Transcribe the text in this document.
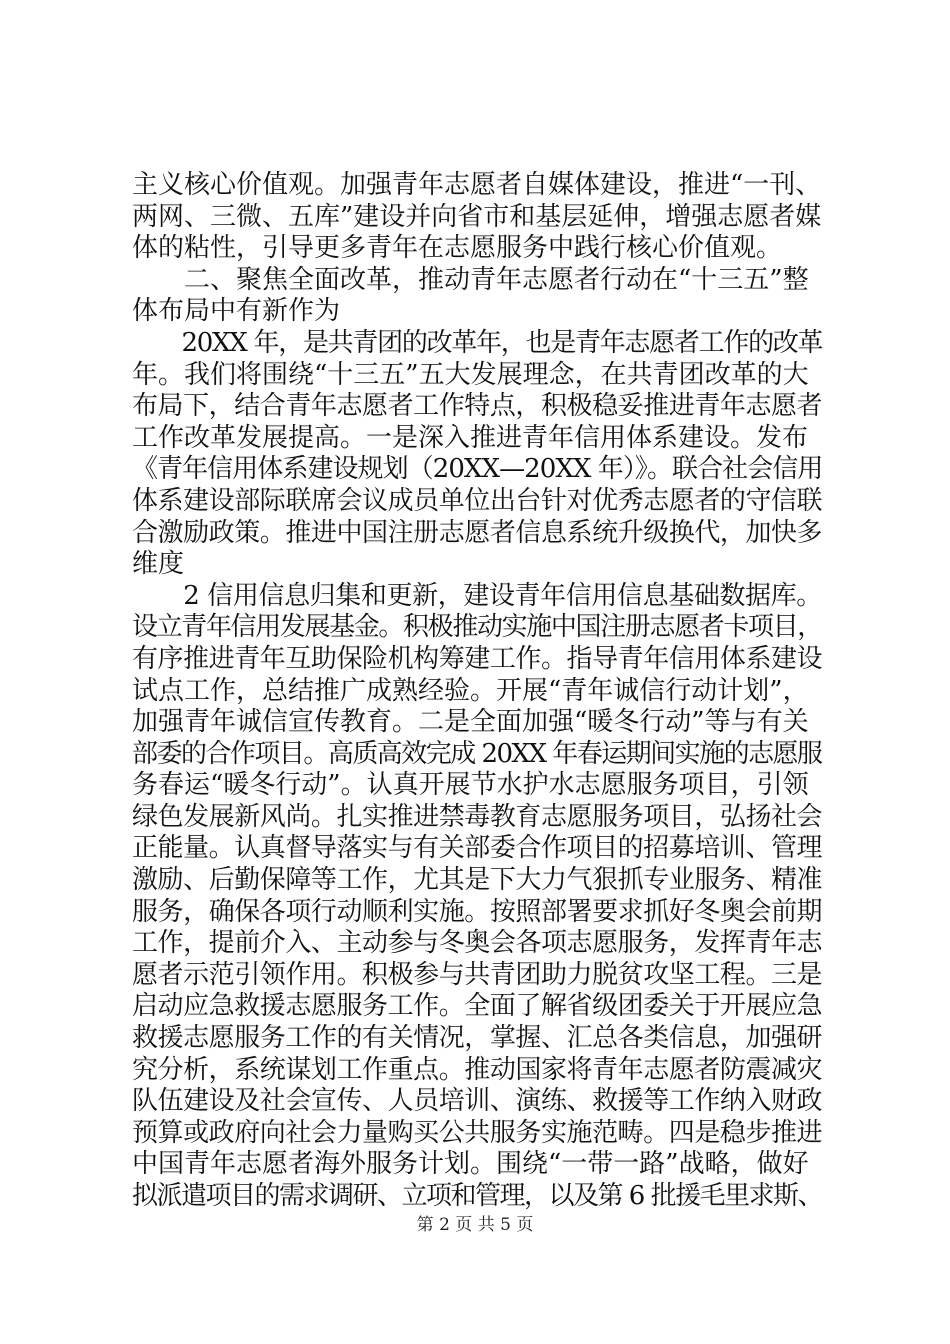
主义核心价值观。加强青年志愿者自媒体建设，推进“一刊、
两网、三微、五库”建设并向省市和基层延伸，增强志愿者媒
体的粘性，引导更多青年在志愿服务中践行核心价值观。
　　二、聚焦全面改革，推动青年志愿者行动在“十三五”整
体布局中有新作为
　　20XX 年，是共青团的改革年，也是青年志愿者工作的改革
年。我们将围绕“十三五”五大发展理念，在共青团改革的大
布局下，结合青年志愿者工作特点，积极稳妥推进青年志愿者
工作改革发展提高。一是深入推进青年信用体系建设。发布
《青年信用体系建设规划（20XX—20XX 年）》。联合社会信用
体系建设部际联席会议成员单位出台针对优秀志愿者的守信联
合激励政策。推进中国注册志愿者信息系统升级换代，加快多
维度
　　2 信用信息归集和更新，建设青年信用信息基础数据库。
设立青年信用发展基金。积极推动实施中国注册志愿者卡项目，
有序推进青年互助保险机构筹建工作。指导青年信用体系建设
试点工作，总结推广成熟经验。开展“青年诚信行动计划”，
加强青年诚信宣传教育。二是全面加强“暖冬行动”等与有关
部委的合作项目。高质高效完成 20XX 年春运期间实施的志愿服
务春运“暖冬行动”。认真开展节水护水志愿服务项目，引领
绿色发展新风尚。扎实推进禁毒教育志愿服务项目，弘扬社会
正能量。认真督导落实与有关部委合作项目的招募培训、管理
激励、后勤保障等工作，尤其是下大力气狠抓专业服务、精准
服务，确保各项行动顺利实施。按照部署要求抓好冬奥会前期
工作，提前介入、主动参与冬奥会各项志愿服务，发挥青年志
愿者示范引领作用。积极参与共青团助力脱贫攻坚工程。三是
启动应急救援志愿服务工作。全面了解省级团委关于开展应急
救援志愿服务工作的有关情况，掌握、汇总各类信息，加强研
究分析，系统谋划工作重点。推动国家将青年志愿者防震减灾
队伍建设及社会宣传、人员培训、演练、救援等工作纳入财政
预算或政府向社会力量购买公共服务实施范畴。四是稳步推进
中国青年志愿者海外服务计划。围绕“一带一路”战略，做好
拟派遣项目的需求调研、立项和管理，以及第 6 批援毛里求斯、
第 2 页 共 5 页
